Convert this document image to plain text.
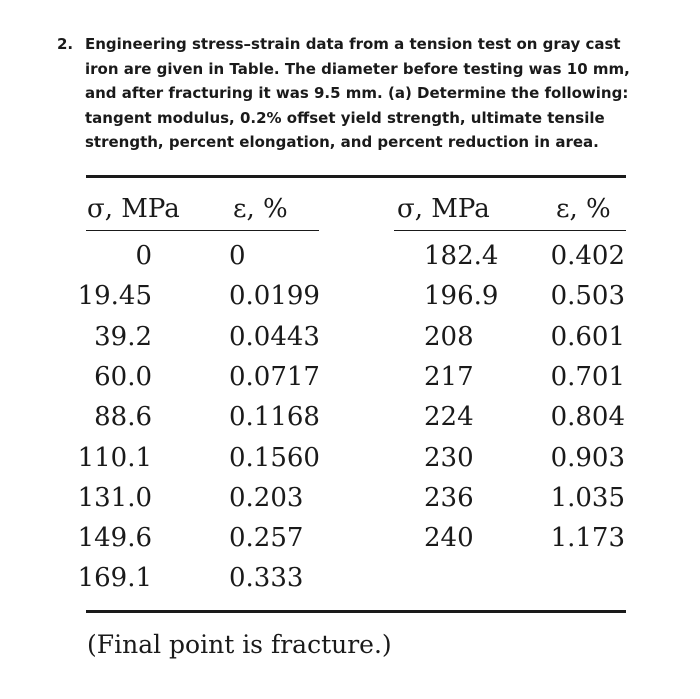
2. Engineering stress–strain data from a tension test on gray cast iron are given in Table. The diameter before testing was 10 mm, and after fracturing it was 9.5 mm. (a) Determine the following: tangent modulus, 0.2% offset yield strength, ultimate tensile strength, percent elongation, and percent reduction in area.
σ, MPa ε, %	σ, MPa	ε, %
0
19.45
39.2
60.0
88.6
110.1
131.0
149.6
169.1
0
0.0199
0.0443
0.0717
0.1168
0.1560
0.203
0.257
0.333
182.4
196.9
208
217
224
230
236
240
0.402
0.503
0.601
0.701
0.804
0.903
1.035
1.173
(Final point is fracture.)
